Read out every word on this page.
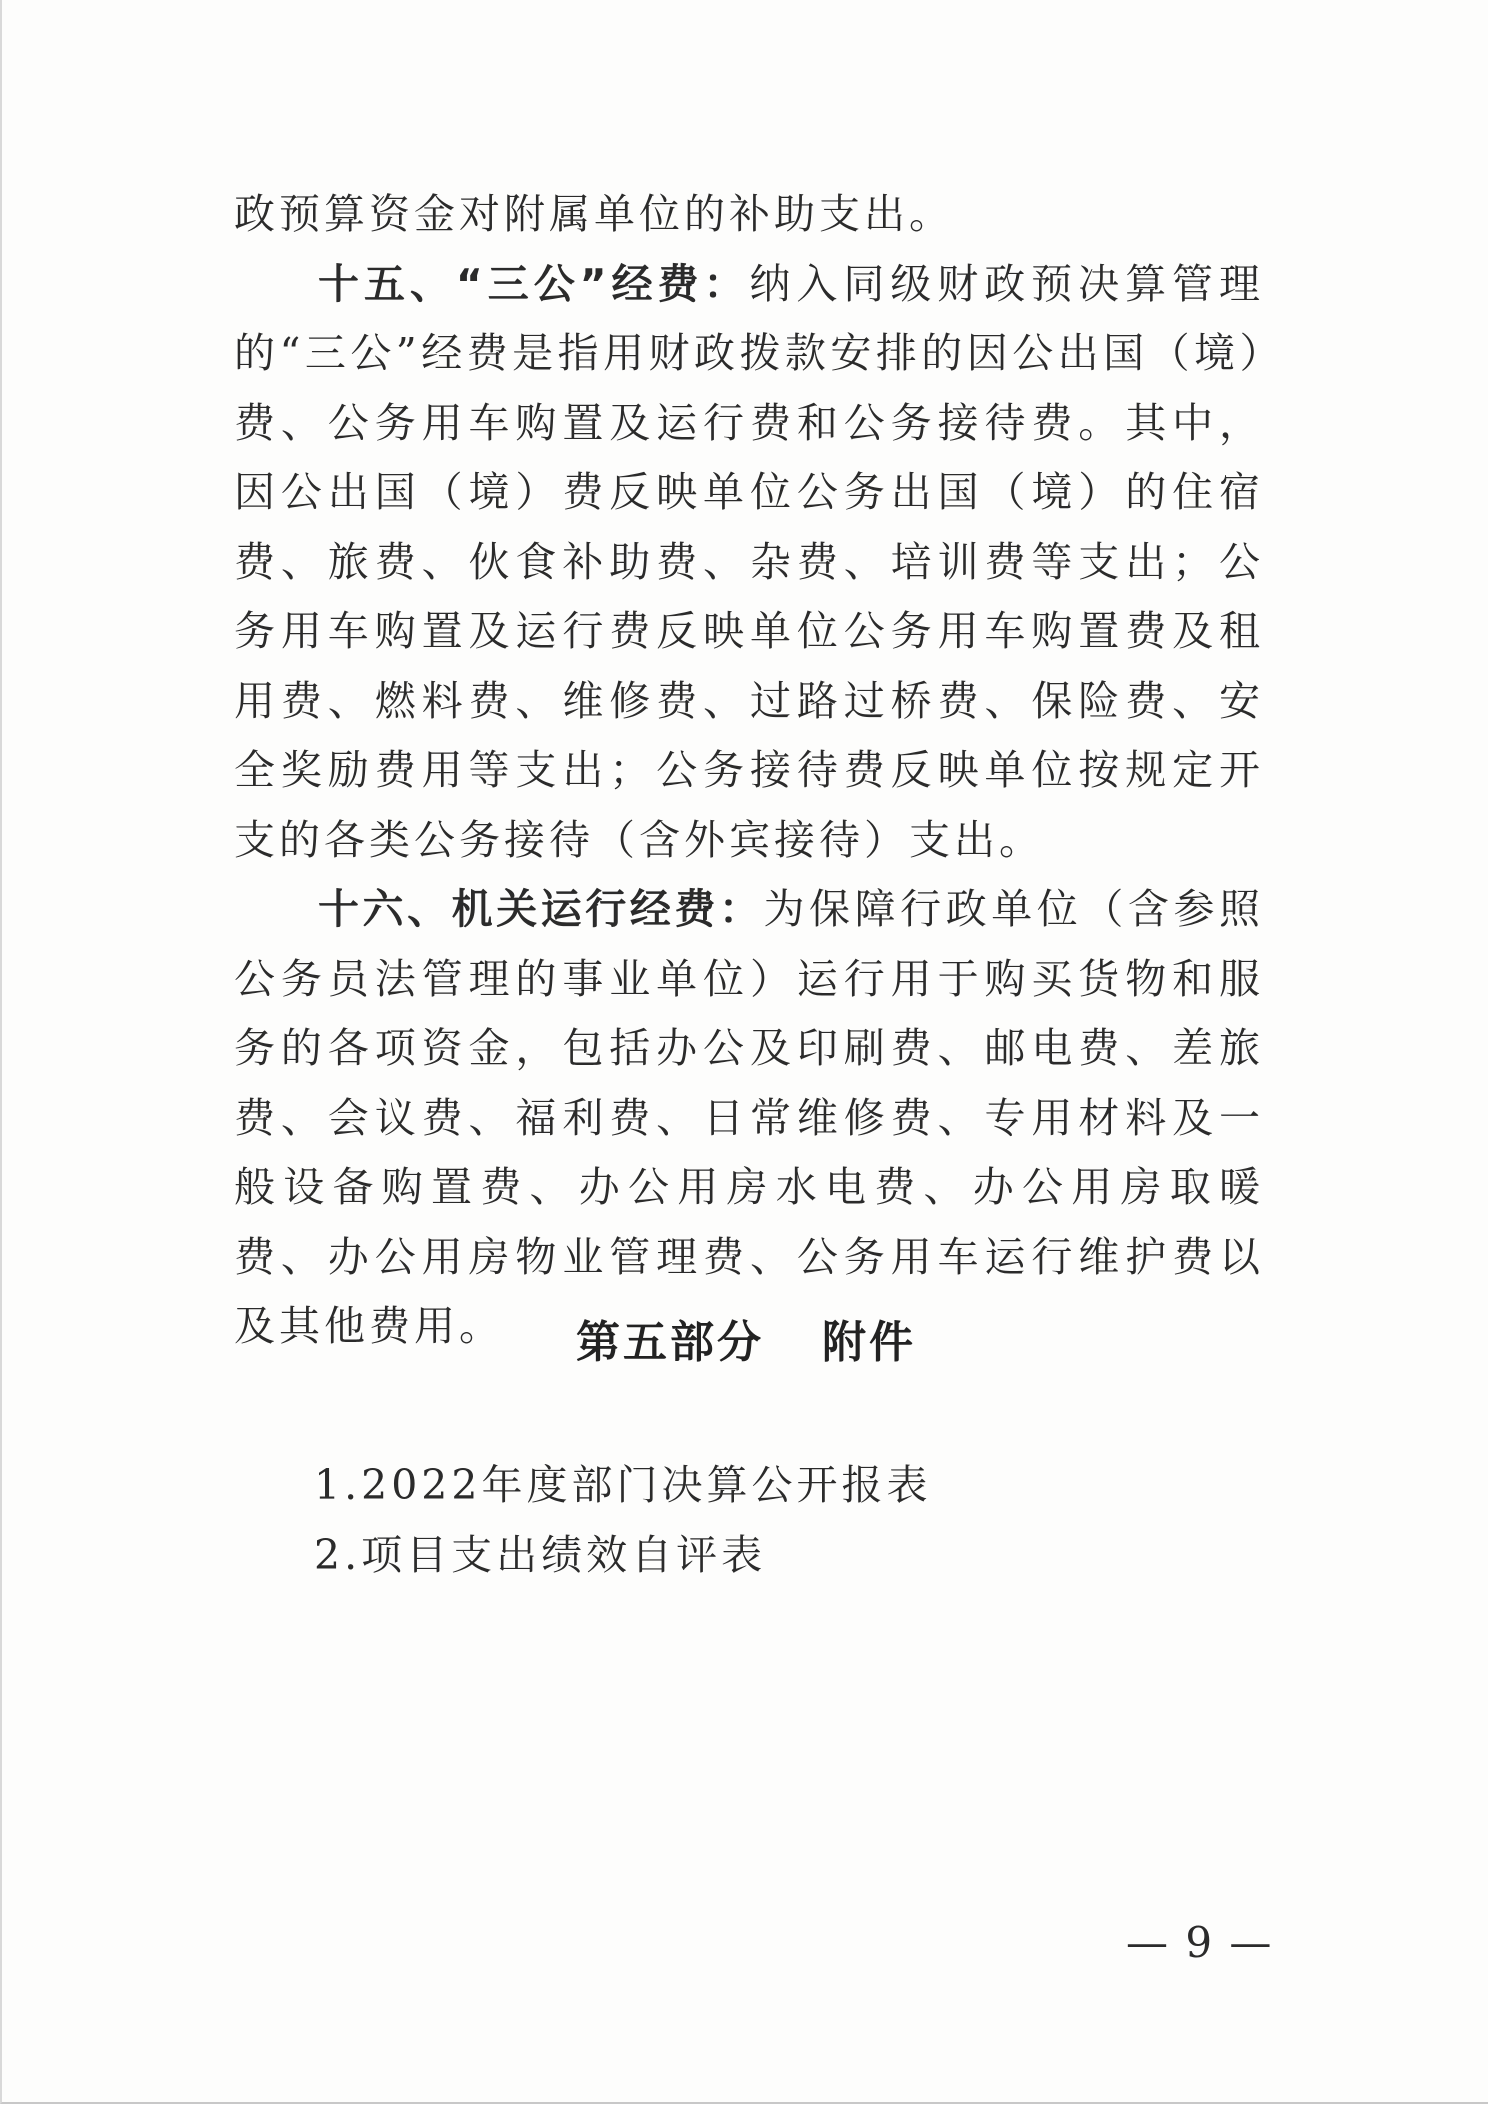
政预算资金对附属单位的补助支出。

十五、“三公”经费：纳入同级财政预决算管理的“三公”经费是指用财政拨款安排的因公出国（境）费、公务用车购置及运行费和公务接待费。其中，因公出国（境）费反映单位公务出国（境）的住宿费、旅费、伙食补助费、杂费、培训费等支出；公务用车购置及运行费反映单位公务用车购置费及租用费、燃料费、维修费、过路过桥费、保险费、安全奖励费用等支出；公务接待费反映单位按规定开支的各类公务接待（含外宾接待）支出。

十六、机关运行经费：为保障行政单位（含参照公务员法管理的事业单位）运行用于购买货物和服务的各项资金，包括办公及印刷费、邮电费、差旅费、会议费、福利费、日常维修费、专用材料及一般设备购置费、办公用房水电费、办公用房取暖费、办公用房物业管理费、公务用车运行维护费以及其他费用。	第五部分 附件
1.2022年度部门决算公开报表
2.项目支出绩效自评表
— 9 —
